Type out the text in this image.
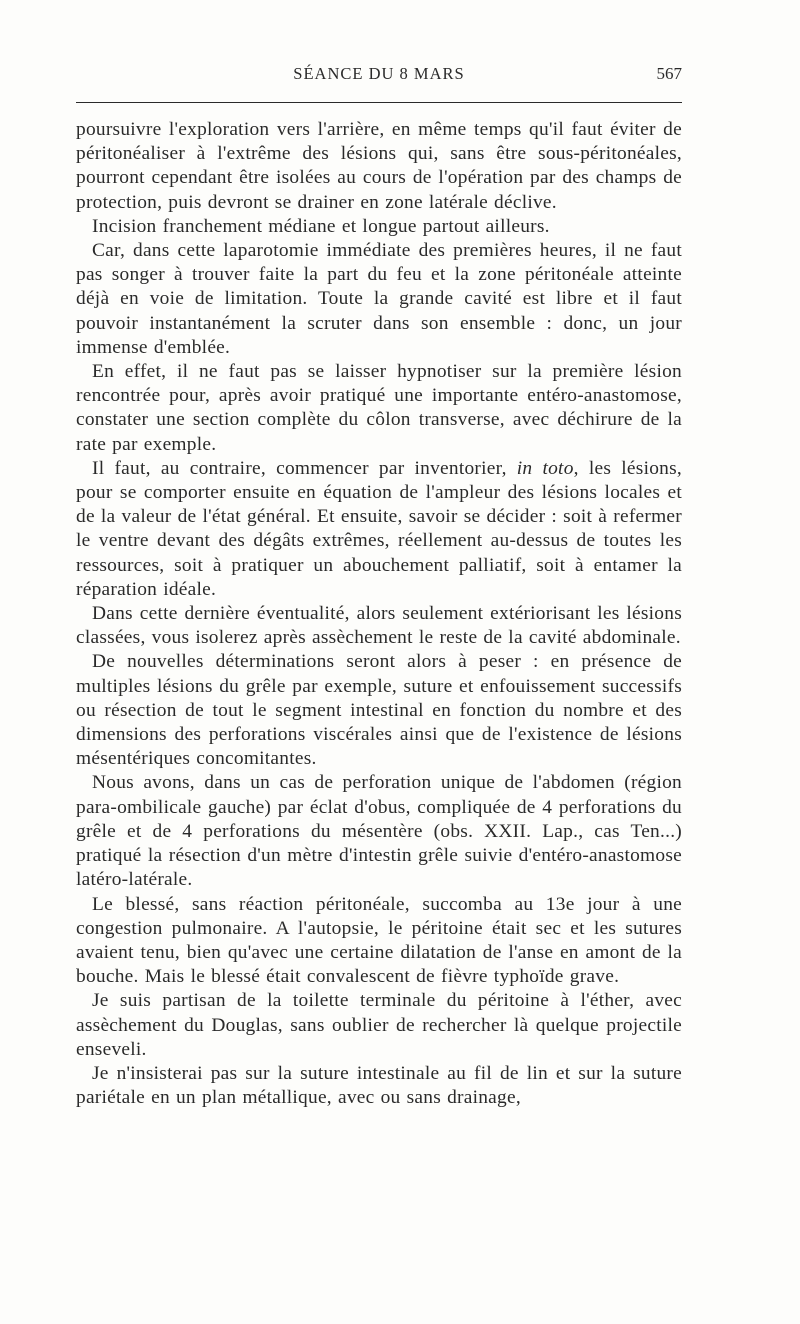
SÉANCE DU 8 MARS	567

poursuivre l'exploration vers l'arrière, en même temps qu'il faut éviter de péritonéaliser à l'extrême des lésions qui, sans être sous-péritonéales, pourront cependant être isolées au cours de l'opération par des champs de protection, puis devront se drainer en zone latérale déclive.

Incision franchement médiane et longue partout ailleurs.

Car, dans cette laparotomie immédiate des premières heures, il ne faut pas songer à trouver faite la part du feu et la zone péritonéale atteinte déjà en voie de limitation. Toute la grande cavité est libre et il faut pouvoir instantanément la scruter dans son ensemble : donc, un jour immense d'emblée.

En effet, il ne faut pas se laisser hypnotiser sur la première lésion rencontrée pour, après avoir pratiqué une importante entéro-anastomose, constater une section complète du côlon transverse, avec déchirure de la rate par exemple.

Il faut, au contraire, commencer par inventorier, in toto, les lésions, pour se comporter ensuite en équation de l'ampleur des lésions locales et de la valeur de l'état général. Et ensuite, savoir se décider : soit à refermer le ventre devant des dégâts extrêmes, réellement au-dessus de toutes les ressources, soit à pratiquer un abouchement palliatif, soit à entamer la réparation idéale.

Dans cette dernière éventualité, alors seulement extériorisant les lésions classées, vous isolerez après assèchement le reste de la cavité abdominale.

De nouvelles déterminations seront alors à peser : en présence de multiples lésions du grêle par exemple, suture et enfouissement successifs ou résection de tout le segment intestinal en fonction du nombre et des dimensions des perforations viscérales ainsi que de l'existence de lésions mésentériques concomitantes.

Nous avons, dans un cas de perforation unique de l'abdomen (région para-ombilicale gauche) par éclat d'obus, compliquée de 4 perforations du grêle et de 4 perforations du mésentère (obs. XXII. Lap., cas Ten...) pratiqué la résection d'un mètre d'intestin grêle suivie d'entéro-anastomose latéro-latérale.

Le blessé, sans réaction péritonéale, succomba au 13e jour à une congestion pulmonaire. A l'autopsie, le péritoine était sec et les sutures avaient tenu, bien qu'avec une certaine dilatation de l'anse en amont de la bouche. Mais le blessé était convalescent de fièvre typhoïde grave.

Je suis partisan de la toilette terminale du péritoine à l'éther, avec assèchement du Douglas, sans oublier de rechercher là quelque projectile enseveli.

Je n'insisterai pas sur la suture intestinale au fil de lin et sur la suture pariétale en un plan métallique, avec ou sans drainage,
